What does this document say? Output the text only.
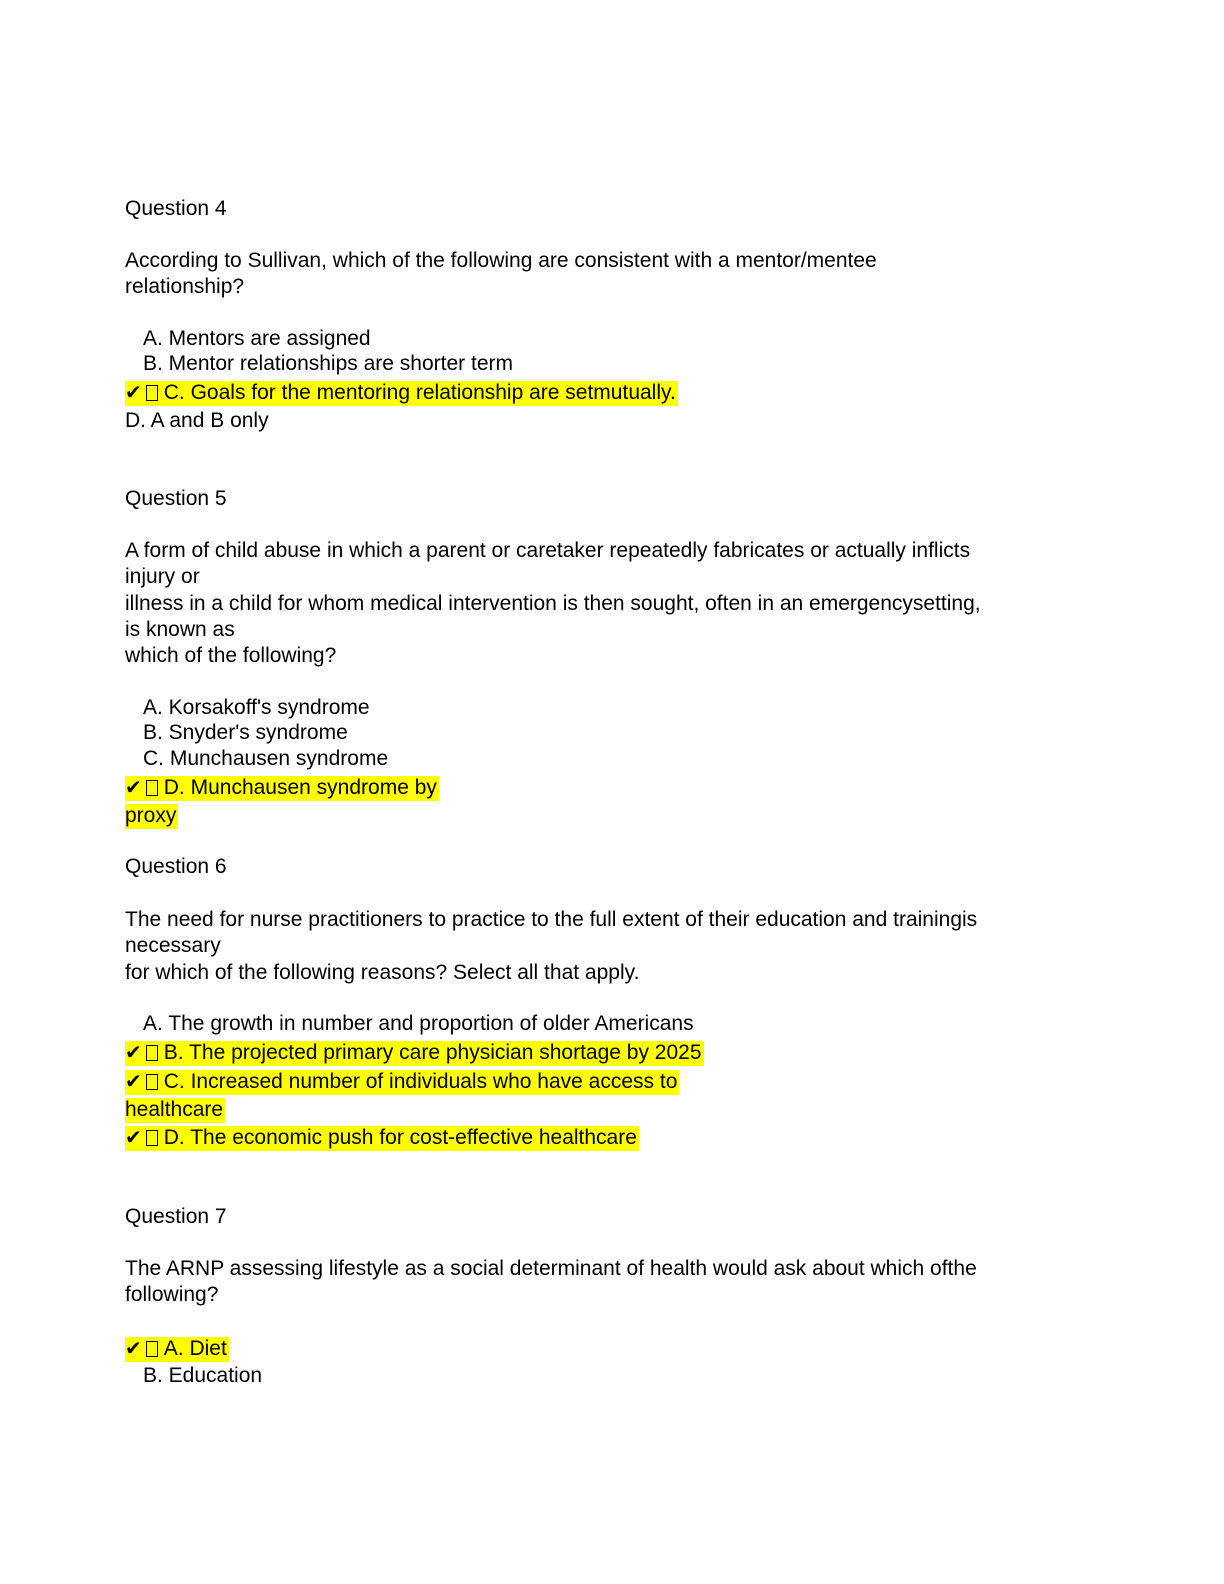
Question 4
According to Sullivan, which of the following are consistent with a mentor/mentee
relationship?
A. Mentors are assigned
B. Mentor relationships are shorter term
✔ C. Goals for the mentoring relationship are setmutually.
D. A and B only
Question 5
A form of child abuse in which a parent or caretaker repeatedly fabricates or actually inflicts
injury or
illness in a child for whom medical intervention is then sought, often in an emergencysetting,
is known as
which of the following?
A. Korsakoff's syndrome
B. Snyder's syndrome
C. Munchausen syndrome
✔ D. Munchausen syndrome by
proxy
Question 6
The need for nurse practitioners to practice to the full extent of their education and trainingis
necessary
for which of the following reasons? Select all that apply.
A. The growth in number and proportion of older Americans
✔ B. The projected primary care physician shortage by 2025
✔ C. Increased number of individuals who have access to
healthcare
✔ D. The economic push for cost-effective healthcare
Question 7
The ARNP assessing lifestyle as a social determinant of health would ask about which ofthe
following?
✔ A. Diet
B. Education
